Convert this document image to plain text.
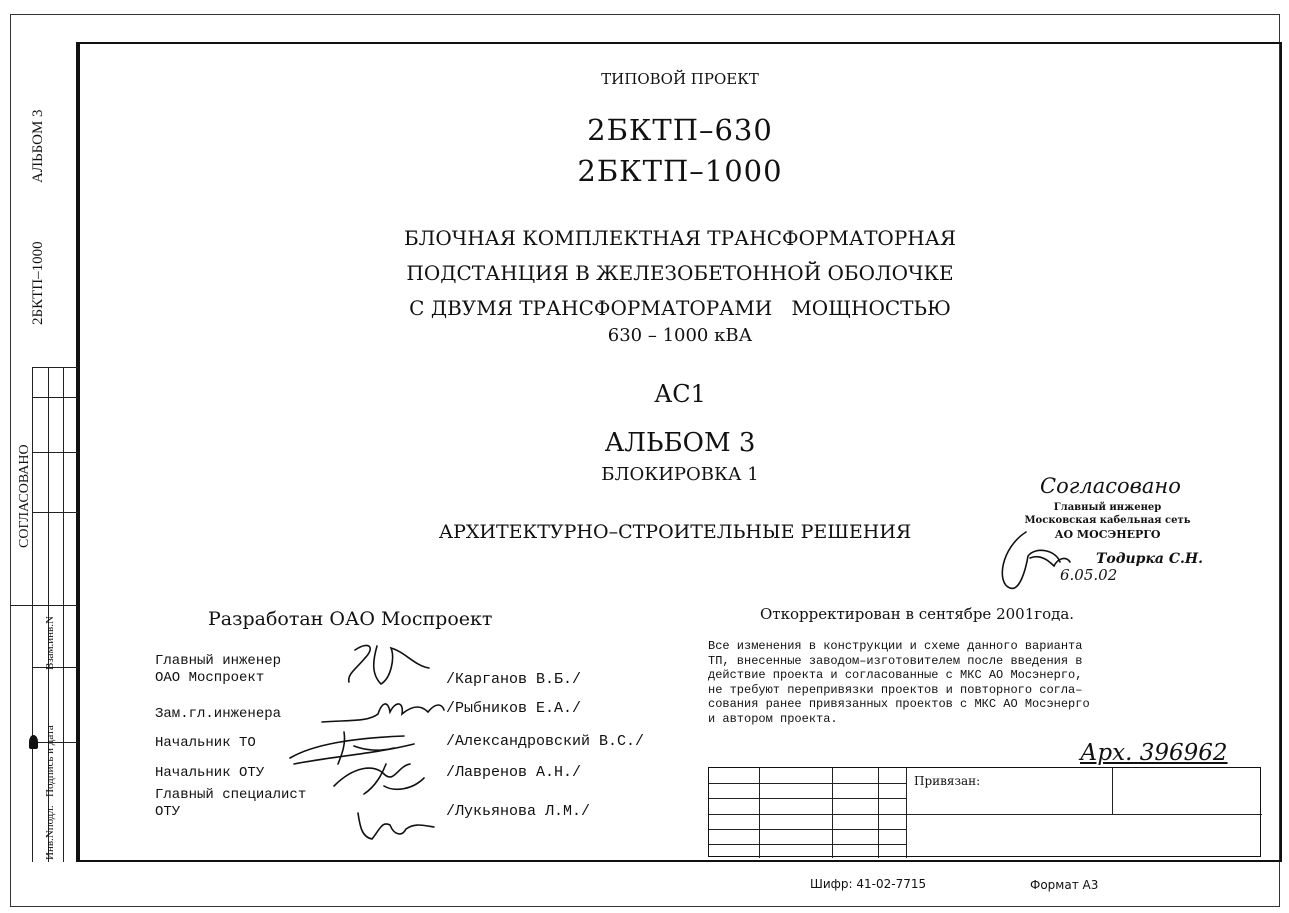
АЛЬБОМ 3
2БКТП–1000
СОГЛАСОВАНО
Инв.Nподл.
Подпись и дата
Взам.инв.N
ТИПОВОЙ ПРОЕКТ
2БКТП–630
2БКТП–1000
БЛОЧНАЯ КОМПЛЕКТНАЯ ТРАНСФОРМАТОРНАЯ
ПОДСТАНЦИЯ В ЖЕЛЕЗОБЕТОННОЙ ОБОЛОЧКЕ
С ДВУМЯ ТРАНСФОРМАТОРАМИ   МОЩНОСТЬЮ
630 – 1000 кВА
АС1
АЛЬБОМ 3
БЛОКИРОВКА 1
АРХИТЕКТУРНО–СТРОИТЕЛЬНЫЕ РЕШЕНИЯ
Согласовано
Главный инженер
Московская кабельная сеть
АО МОСЭНЕРГО
Тодирка С.Н.
6.05.02
Разработан ОАО Моспроект
Главный инженер
ОАО Моспроект	/Карганов В.Б./
Зам.гл.инженера	/Рыбников Е.А./
Начальник ТО	/Александровский В.С./
Начальник ОТУ	/Лавренов А.Н./
Главный специалист
ОТУ	/Лукьянова Л.М./
Откорректирован в сентябре 2001года.
Все изменения в конструкции и схеме данного варианта
ТП, внесенные заводом–изготовителем после введения в
действие проекта и согласованные с МКС АО Мосэнерго,
не требуют перепривязки проектов и повторного согла–
сования ранее привязанных проектов с МКС АО Мосэнерго
и автором проекта.
Арх. 396962
Привязан:
Шифр: 41-02-7715	Формат А3
